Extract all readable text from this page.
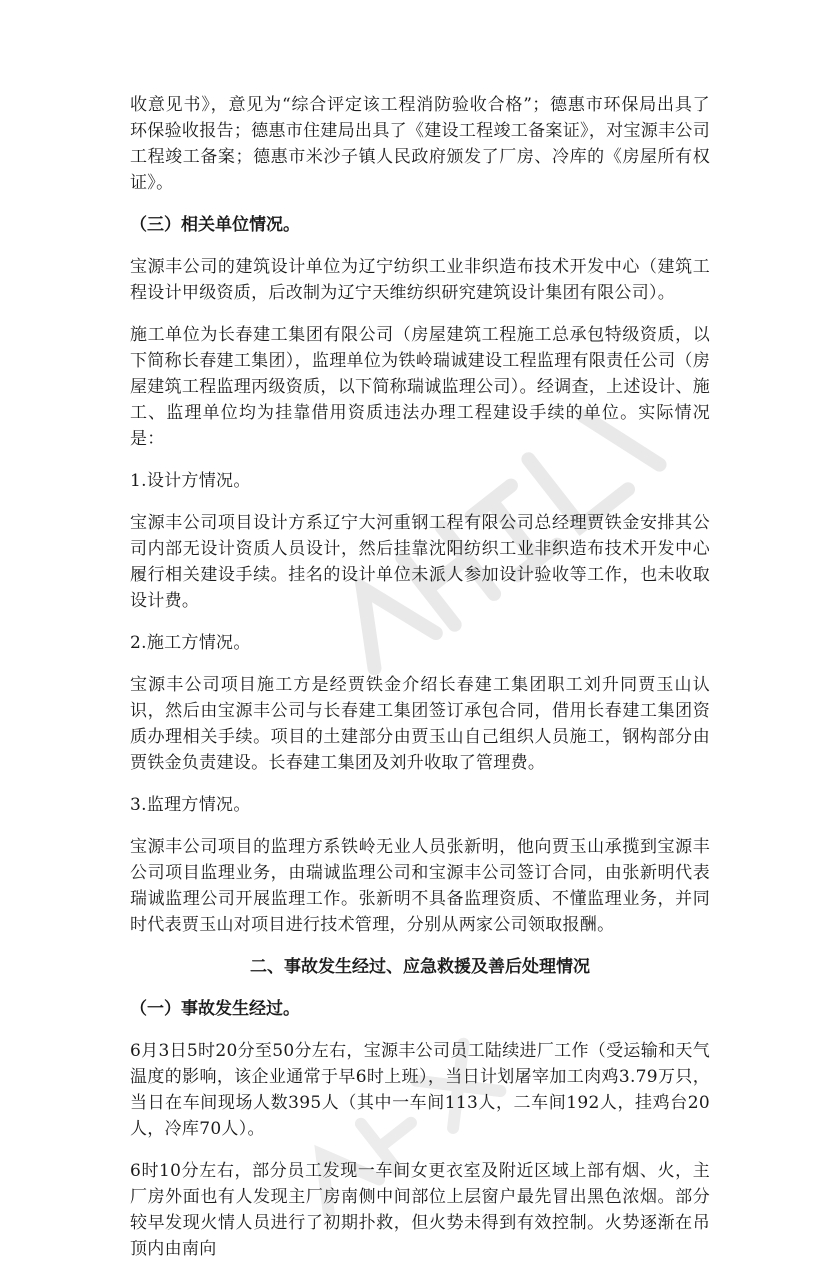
收意见书》，意见为“综合评定该工程消防验收合格”；德惠市环保局出具了环保验收报告；德惠市住建局出具了《建设工程竣工备案证》，对宝源丰公司工程竣工备案；德惠市米沙子镇人民政府颁发了厂房、冷库的《房屋所有权证》。

（三）相关单位情况。

宝源丰公司的建筑设计单位为辽宁纺织工业非织造布技术开发中心（建筑工程设计甲级资质，后改制为辽宁天维纺织研究建筑设计集团有限公司）。

施工单位为长春建工集团有限公司（房屋建筑工程施工总承包特级资质，以下简称长春建工集团），监理单位为铁岭瑞诚建设工程监理有限责任公司（房屋建筑工程监理丙级资质，以下简称瑞诚监理公司）。经调查，上述设计、施工、监理单位均为挂靠借用资质违法办理工程建设手续的单位。实际情况是：

1.设计方情况。

宝源丰公司项目设计方系辽宁大河重钢工程有限公司总经理贾铁金安排其公司内部无设计资质人员设计，然后挂靠沈阳纺织工业非织造布技术开发中心履行相关建设手续。挂名的设计单位未派人参加设计验收等工作，也未收取设计费。

2.施工方情况。

宝源丰公司项目施工方是经贾铁金介绍长春建工集团职工刘升同贾玉山认识，然后由宝源丰公司与长春建工集团签订承包合同，借用长春建工集团资质办理相关手续。项目的土建部分由贾玉山自己组织人员施工，钢构部分由贾铁金负责建设。长春建工集团及刘升收取了管理费。

3.监理方情况。

宝源丰公司项目的监理方系铁岭无业人员张新明，他向贾玉山承揽到宝源丰公司项目监理业务，由瑞诚监理公司和宝源丰公司签订合同，由张新明代表瑞诚监理公司开展监理工作。张新明不具备监理资质、不懂监理业务，并同时代表贾玉山对项目进行技术管理，分别从两家公司领取报酬。

二、事故发生经过、应急救援及善后处理情况

（一）事故发生经过。

6月3日5时20分至50分左右，宝源丰公司员工陆续进厂工作（受运输和天气温度的影响，该企业通常于早6时上班），当日计划屠宰加工肉鸡3.79万只，当日在车间现场人数395人（其中一车间113人，二车间192人，挂鸡台20人，冷库70人）。

6时10分左右，部分员工发现一车间女更衣室及附近区域上部有烟、火，主厂房外面也有人发现主厂房南侧中间部位上层窗户最先冒出黑色浓烟。部分较早发现火情人员进行了初期扑救，但火势未得到有效控制。火势逐渐在吊顶内由南向
